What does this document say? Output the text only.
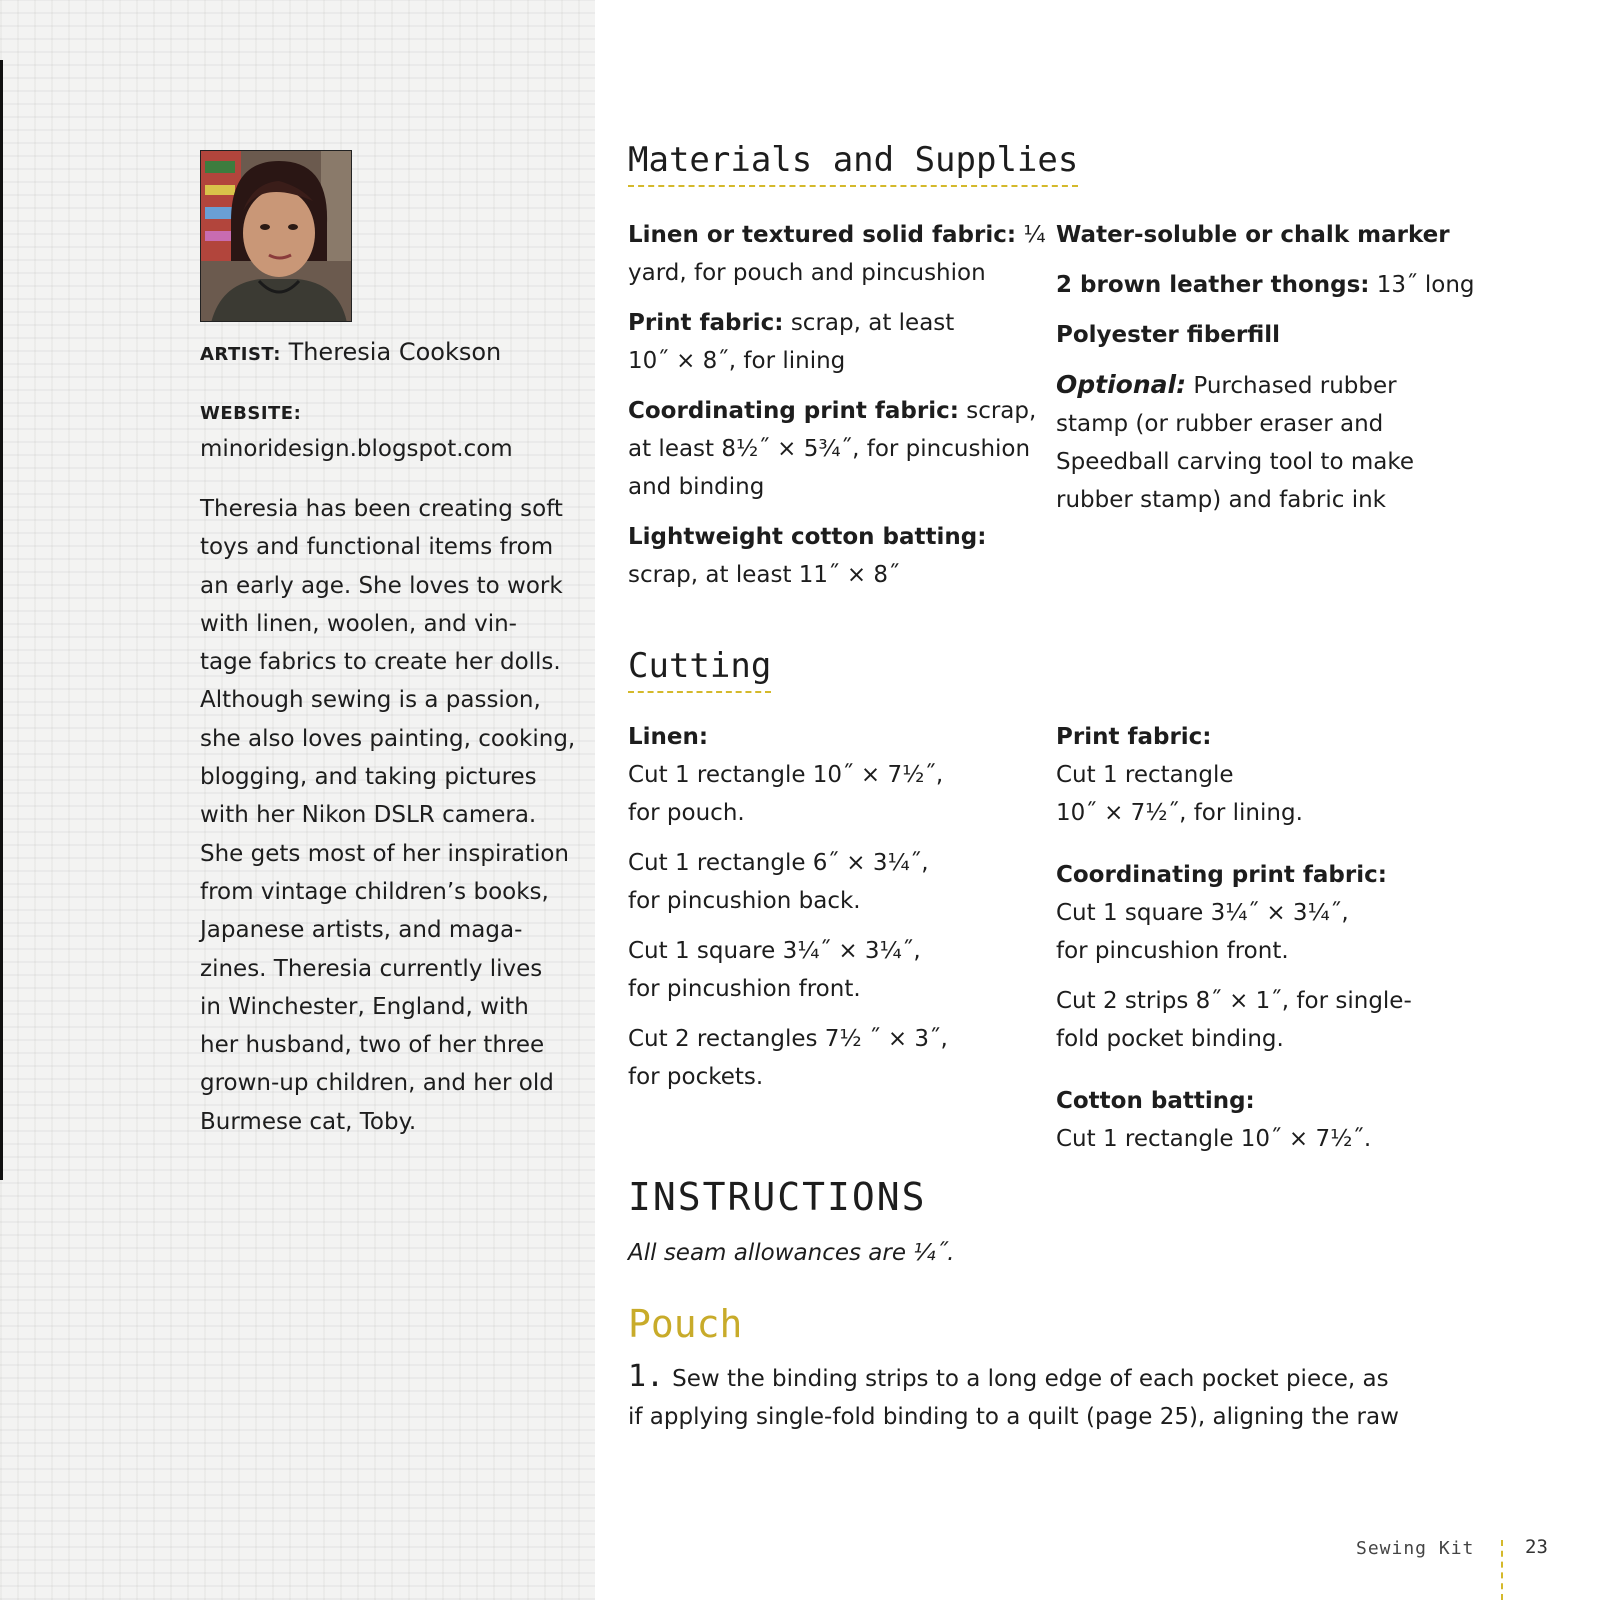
ARTIST: Theresia Cookson
WEBSITE:
minoridesign.blogspot.com
Theresia has been creating soft
toys and functional items from
an early age. She loves to work
with linen, woolen, and vin-
tage fabrics to create her dolls.
Although sewing is a passion,
she also loves painting, cooking,
blogging, and taking pictures
with her Nikon DSLR camera.
She gets most of her inspiration
from vintage children’s books,
Japanese artists, and maga-
zines. Theresia currently lives
in Winchester, England, with
her husband, two of her three
grown-up children, and her old
Burmese cat, Toby.
Materials and Supplies
Linen or textured solid fabric: ¼
yard, for pouch and pincushion
Print fabric: scrap, at least
10˝ × 8˝, for lining
Coordinating print fabric: scrap,
at least 8½˝ × 5¾˝, for pincushion
and binding
Lightweight cotton batting:
scrap, at least 11˝ × 8˝
Water-soluble or chalk marker
2 brown leather thongs: 13˝ long
Polyester fiberfill
Optional: Purchased rubber
stamp (or rubber eraser and
Speedball carving tool to make
rubber stamp) and fabric ink
Cutting
Linen:
Cut 1 rectangle 10˝ × 7½˝,
for pouch.
Cut 1 rectangle 6˝ × 3¼˝,
for pincushion back.
Cut 1 square 3¼˝ × 3¼˝,
for pincushion front.
Cut 2 rectangles 7½ ˝ × 3˝,
for pockets.
Print fabric:
Cut 1 rectangle
10˝ × 7½˝, for lining.
Coordinating print fabric:
Cut 1 square 3¼˝ × 3¼˝,
for pincushion front.
Cut 2 strips 8˝ × 1˝, for single-
fold pocket binding.
Cotton batting:
Cut 1 rectangle 10˝ × 7½˝.
INSTRUCTIONS
All seam allowances are ¼˝.
Pouch
1. Sew the binding strips to a long edge of each pocket piece, as
if applying single-fold binding to a quilt (page 25), aligning the raw
Sewing Kit	23
